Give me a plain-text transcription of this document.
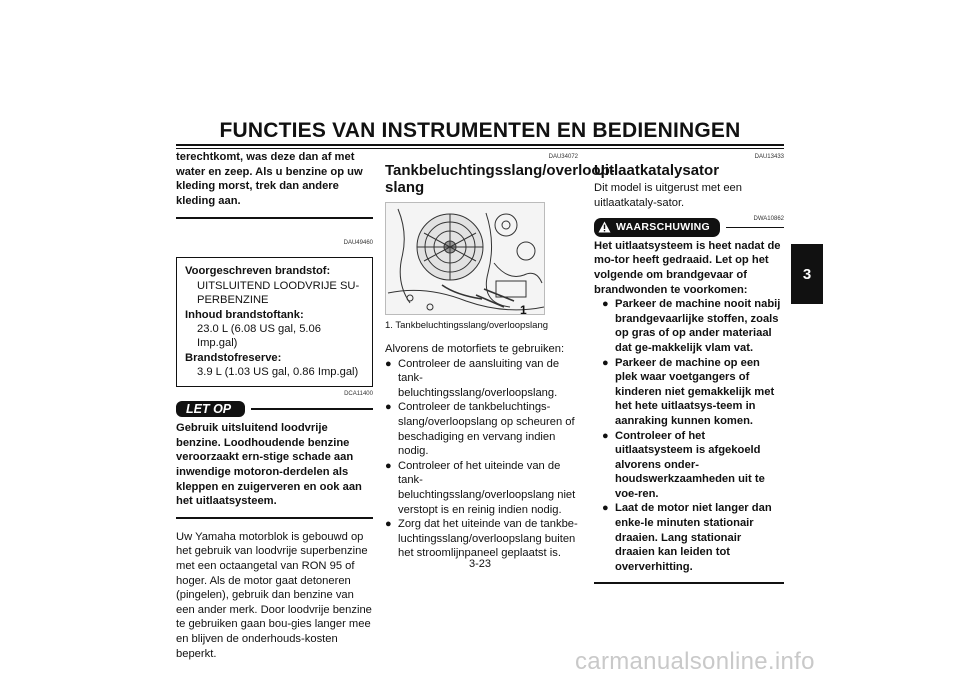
FUNCTIES VAN INSTRUMENTEN EN BEDIENINGEN
3

terechtkomt, was deze dan af met water en zeep. Als u benzine op uw kleding morst, trek dan andere kleding aan.

DAU49460
Voorgeschreven brandstof:
UITSLUITEND LOODVRIJE SU-PERBENZINE
Inhoud brandstoftank:
23.0 L (6.08 US gal, 5.06 Imp.gal)
Brandstofreserve:
3.9 L (1.03 US gal, 0.86 Imp.gal)
DCA11400
LET OP

Gebruik uitsluitend loodvrije benzine. Loodhoudende benzine veroorzaakt ern-stige schade aan inwendige motoron-derdelen als kleppen en zuigerveren en ook aan het uitlaatsysteem.

Uw Yamaha motorblok is gebouwd op het gebruik van loodvrije superbenzine met een octaangetal van RON 95 of hoger. Als de motor gaat detoneren (pingelen), gebruik dan benzine van een ander merk. Door loodvrije benzine te gebruiken gaan bou-gies langer mee en blijven de onderhouds-kosten beperkt.

DAU34072
Tankbeluchtingsslang/overloop-slang
1
1. Tankbeluchtingsslang/overloopslang

Alvorens de motorfiets te gebruiken:

● Controleer de aansluiting van de tank-beluchtingsslang/overloopslang.
● Controleer de tankbeluchtings-slang/overloopslang op scheuren of beschadiging en vervang indien nodig.
● Controleer of het uiteinde van de tank-beluchtingsslang/overloopslang niet verstopt is en reinig indien nodig.
● Zorg dat het uiteinde van de tankbe-luchtingsslang/overloopslang buiten het stroomlijnpaneel geplaatst is.
DAU13433
Uitlaatkatalysator

Dit model is uitgerust met een uitlaatkataly-sator.

WAARSCHUWING
DWA10862

Het uitlaatsysteem is heet nadat de mo-tor heeft gedraaid. Let op het volgende om brandgevaar of brandwonden te voorkomen:

● Parkeer de machine nooit nabij brandgevaarlijke stoffen, zoals op gras of op ander materiaal dat ge-makkelijk vlam vat.
● Parkeer de machine op een plek waar voetgangers of kinderen niet gemakkelijk met het hete uitlaatsys-teem in aanraking kunnen komen.
● Controleer of het uitlaatsysteem is afgekoeld alvorens onder-houdswerkzaamheden uit te voe-ren.
● Laat de motor niet langer dan enke-le minuten stationair draaien. Lang stationair draaien kan leiden tot oververhitting.
3-23
carmanualsonline.info
